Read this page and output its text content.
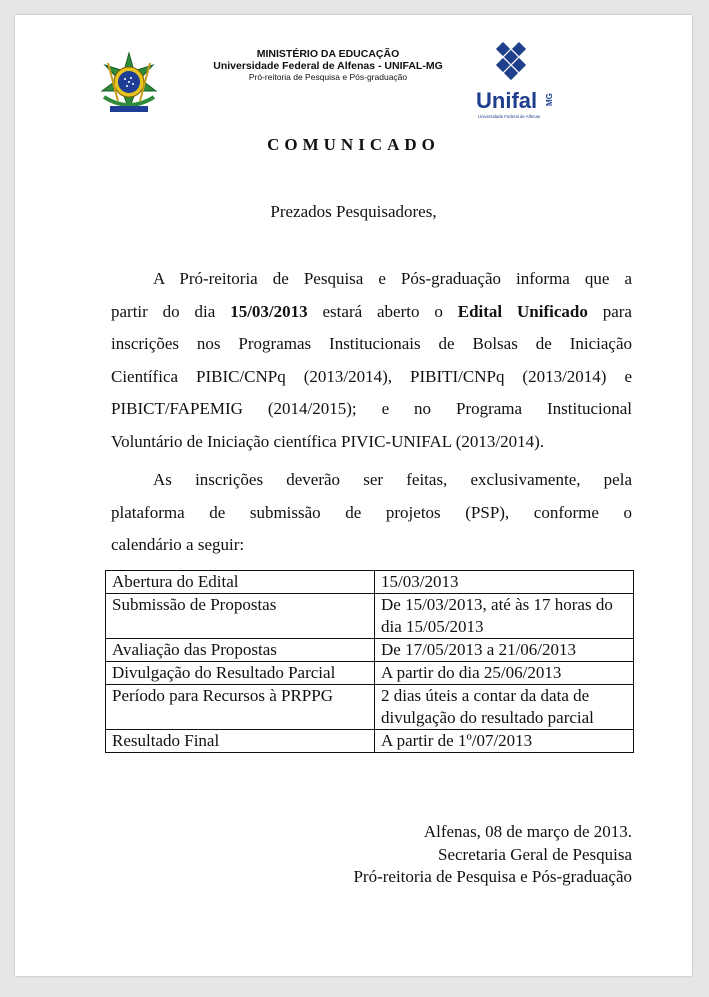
MINISTÉRIO DA EDUCAÇÃO
Universidade Federal de Alfenas - UNIFAL-MG
Pró-reitoria de Pesquisa e Pós-graduação
Unifal MG
Universidade Federal de Alfenas
COMUNICADO
Prezados Pesquisadores,
A Pró-reitoria de Pesquisa e Pós-graduação informa que a
partir do dia 15/03/2013 estará aberto o Edital Unificado para
inscrições nos Programas Institucionais de Bolsas de Iniciação
Científica PIBIC/CNPq (2013/2014), PIBITI/CNPq (2013/2014) e
PIBICT/FAPEMIG (2014/2015); e no Programa Institucional
Voluntário de Iniciação científica PIVIC-UNIFAL (2013/2014).
As inscrições deverão ser feitas, exclusivamente, pela
plataforma de submissão de projetos (PSP), conforme o
calendário a seguir:
Abertura do Edital	15/03/2013
Submissão de Propostas	De 15/03/2013, até às 17 horas do dia 15/05/2013
Avaliação das Propostas	De 17/05/2013 a 21/06/2013
Divulgação do Resultado Parcial	A partir do dia 25/06/2013
Período para Recursos à PRPPG	2 dias úteis a contar da data de divulgação do resultado parcial
Resultado Final	A partir de 1º/07/2013
Alfenas, 08 de março de 2013.
Secretaria Geral de Pesquisa
Pró-reitoria de Pesquisa e Pós-graduação
